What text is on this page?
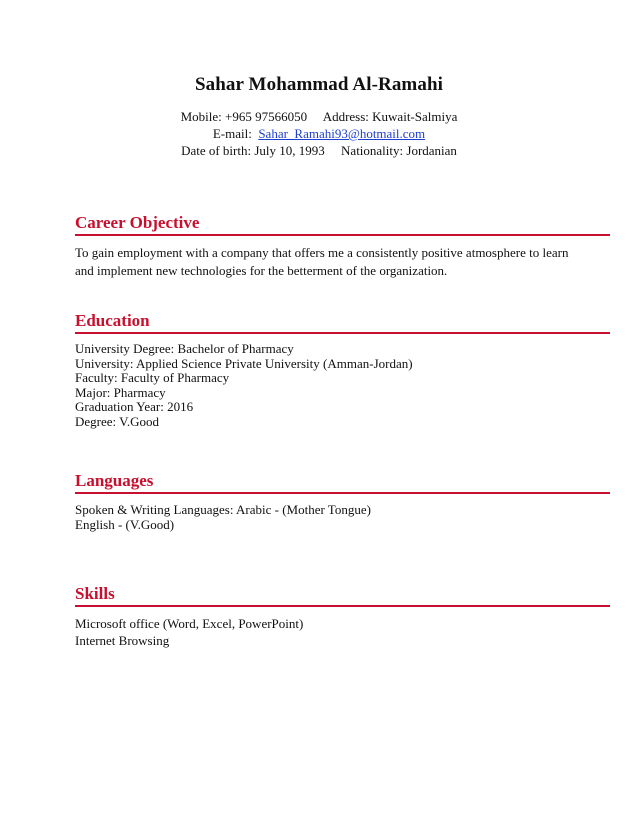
Sahar Mohammad Al-Ramahi
Mobile: +965 97566050 Address: Kuwait-Salmiya
E-mail: Sahar_Ramahi93@hotmail.com
Date of birth: July 10, 1993 Nationality: Jordanian
Career Objective
To gain employment with a company that offers me a consistently positive atmosphere to learn
and implement new technologies for the betterment of the organization.
Education
University Degree: Bachelor of Pharmacy
University: Applied Science Private University (Amman-Jordan)
Faculty: Faculty of Pharmacy
Major: Pharmacy
Graduation Year: 2016
Degree: V.Good
Languages
Spoken & Writing Languages: Arabic - (Mother Tongue)
English - (V.Good)
Skills
Microsoft office (Word, Excel, PowerPoint)
Internet Browsing
